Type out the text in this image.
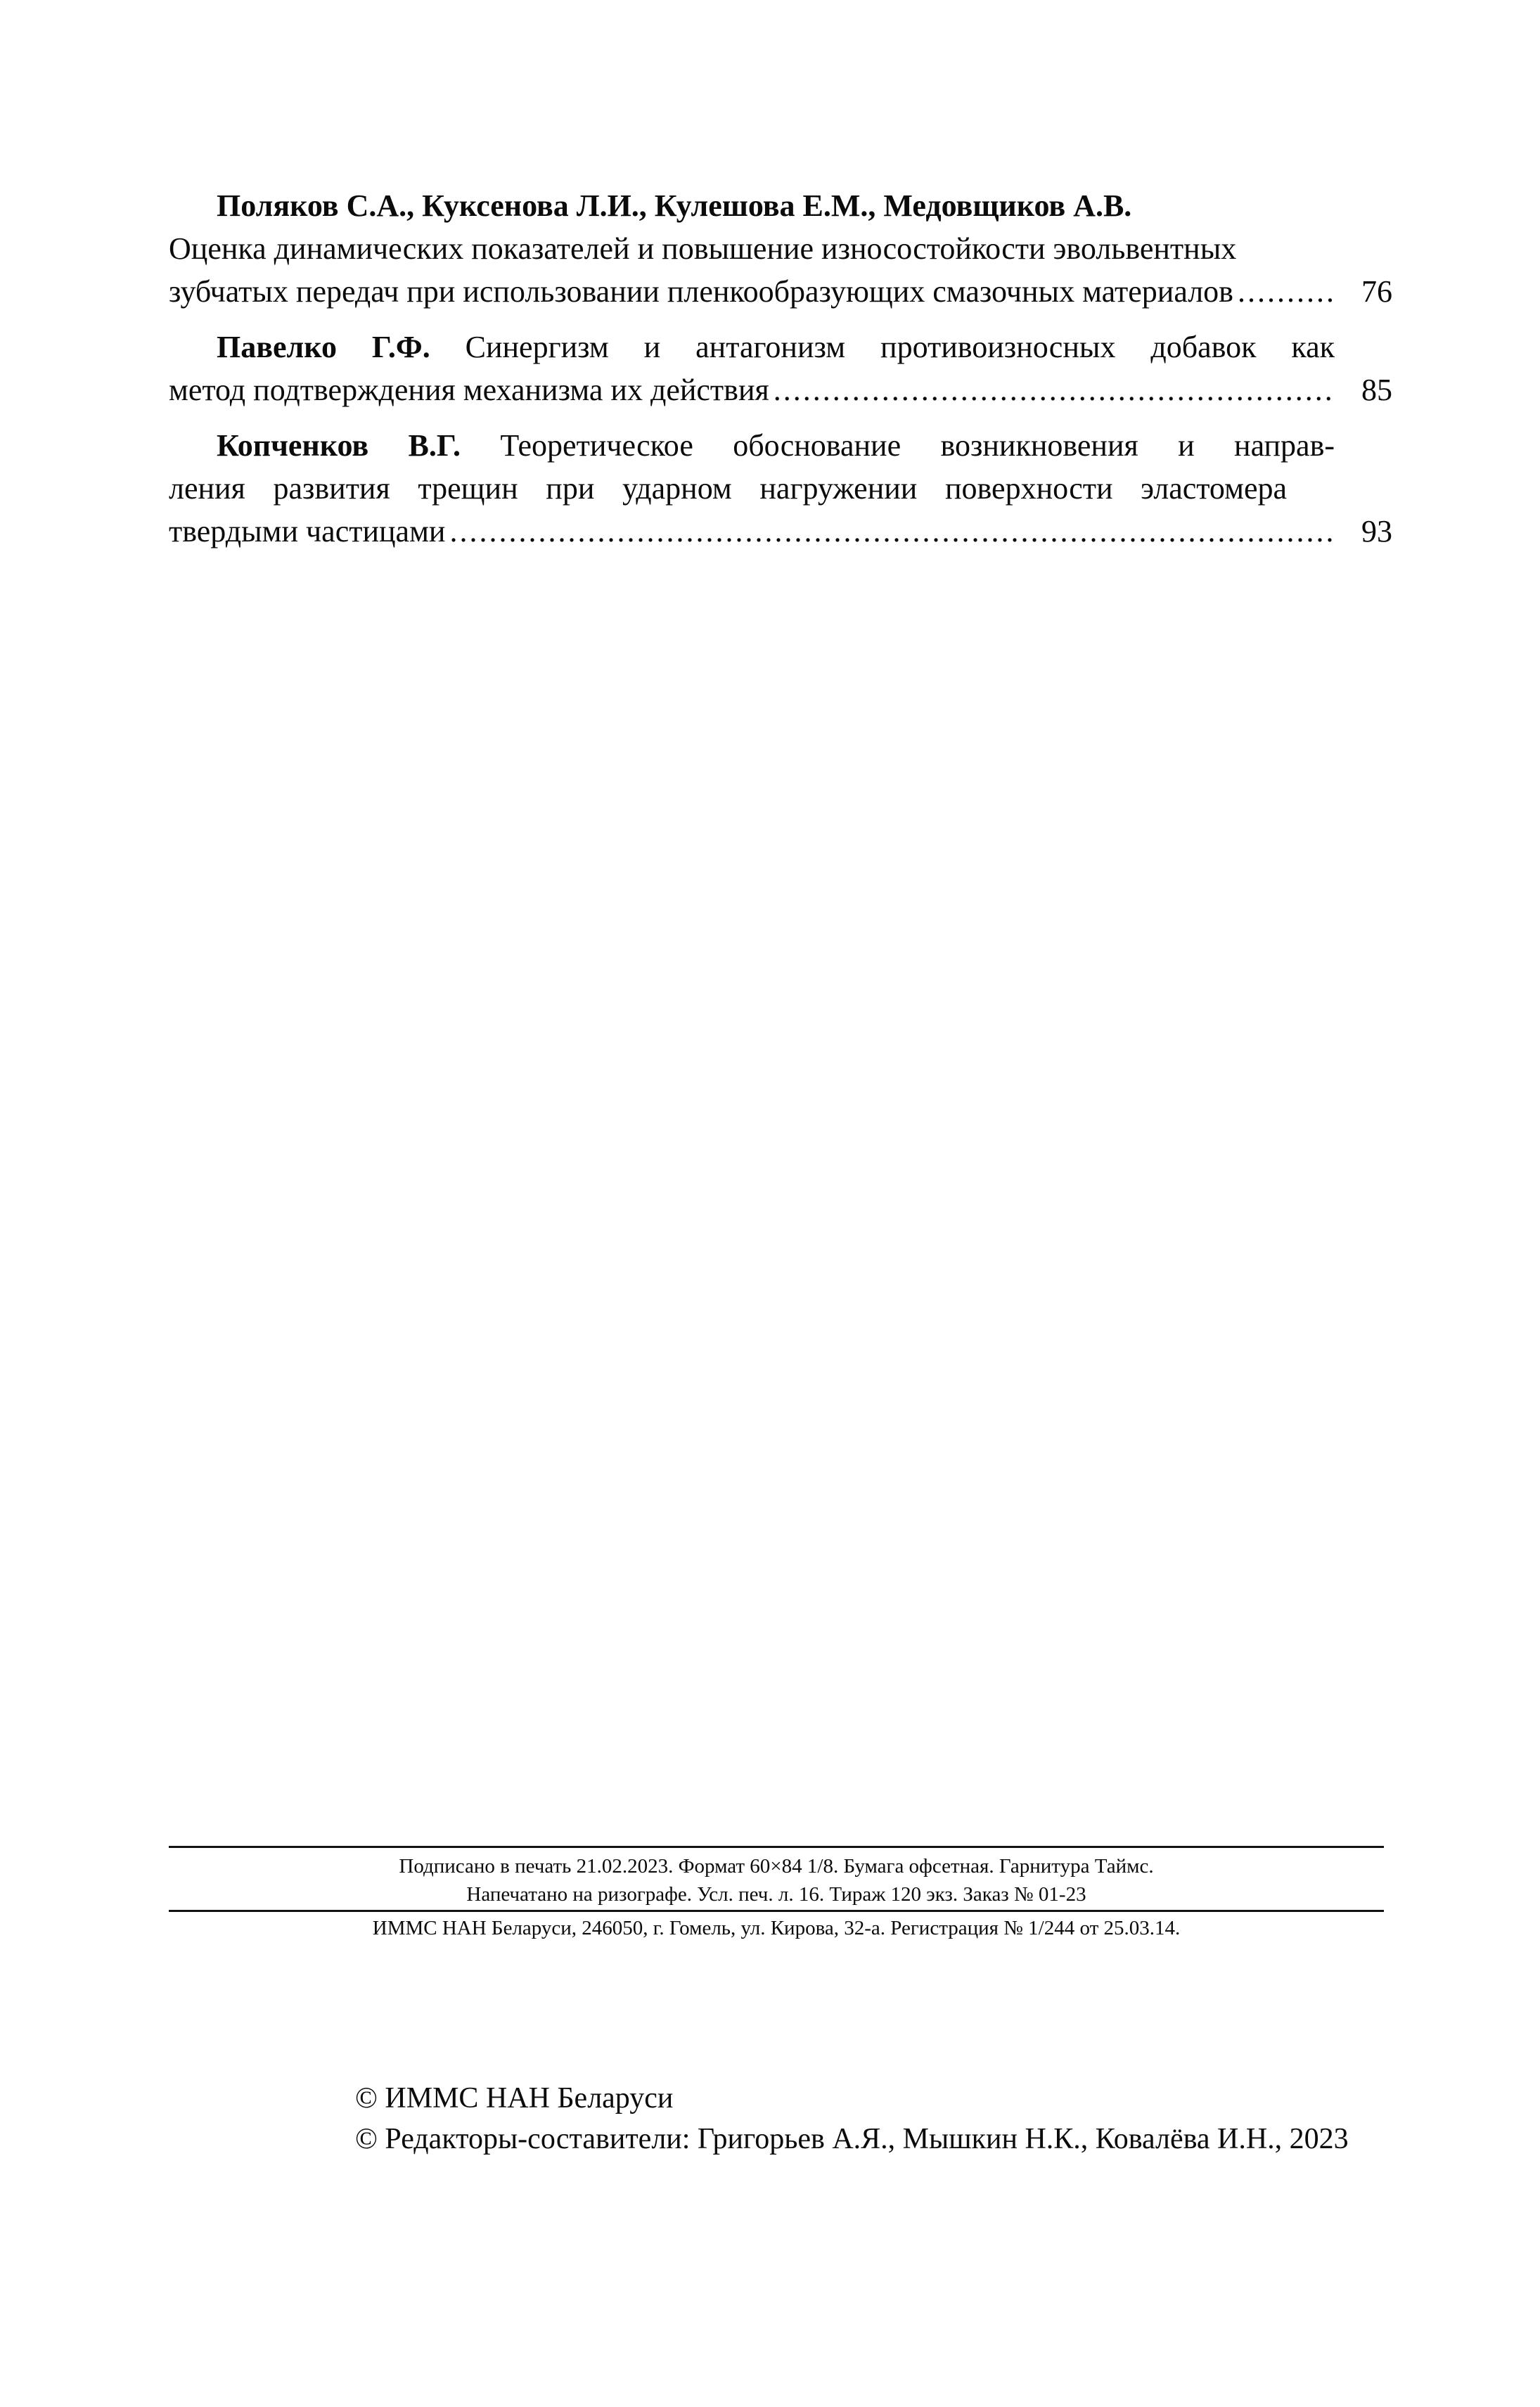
Поляков С.А., Куксенова Л.И., Кулешова Е.М., Медовщиков А.В.
Оценка динамических показателей и повышение износостойкости эвольвентных
зубчатых передач при использовании пленкообразующих смазочных материалов .....	76
Павелко Г.Ф. Синергизм и антагонизм противоизносных добавок как
метод подтверждения механизма их действия .....	85
Копченков В.Г. Теоретическое обоснование возникновения и направ-
ления развития трещин при ударном нагружении поверхности эластомера
твердыми частицами .....	93
Подписано в печать 21.02.2023. Формат 60×84 1/8. Бумага офсетная. Гарнитура Таймс.
Напечатано на ризографе. Усл. печ. л. 16. Тираж 120 экз. Заказ № 01-23
ИММС НАН Беларуси, 246050, г. Гомель, ул. Кирова, 32-а. Регистрация № 1/244 от 25.03.14.
© ИММС НАН Беларуси
© Редакторы-составители: Григорьев А.Я., Мышкин Н.К., Ковалёва И.Н., 2023
